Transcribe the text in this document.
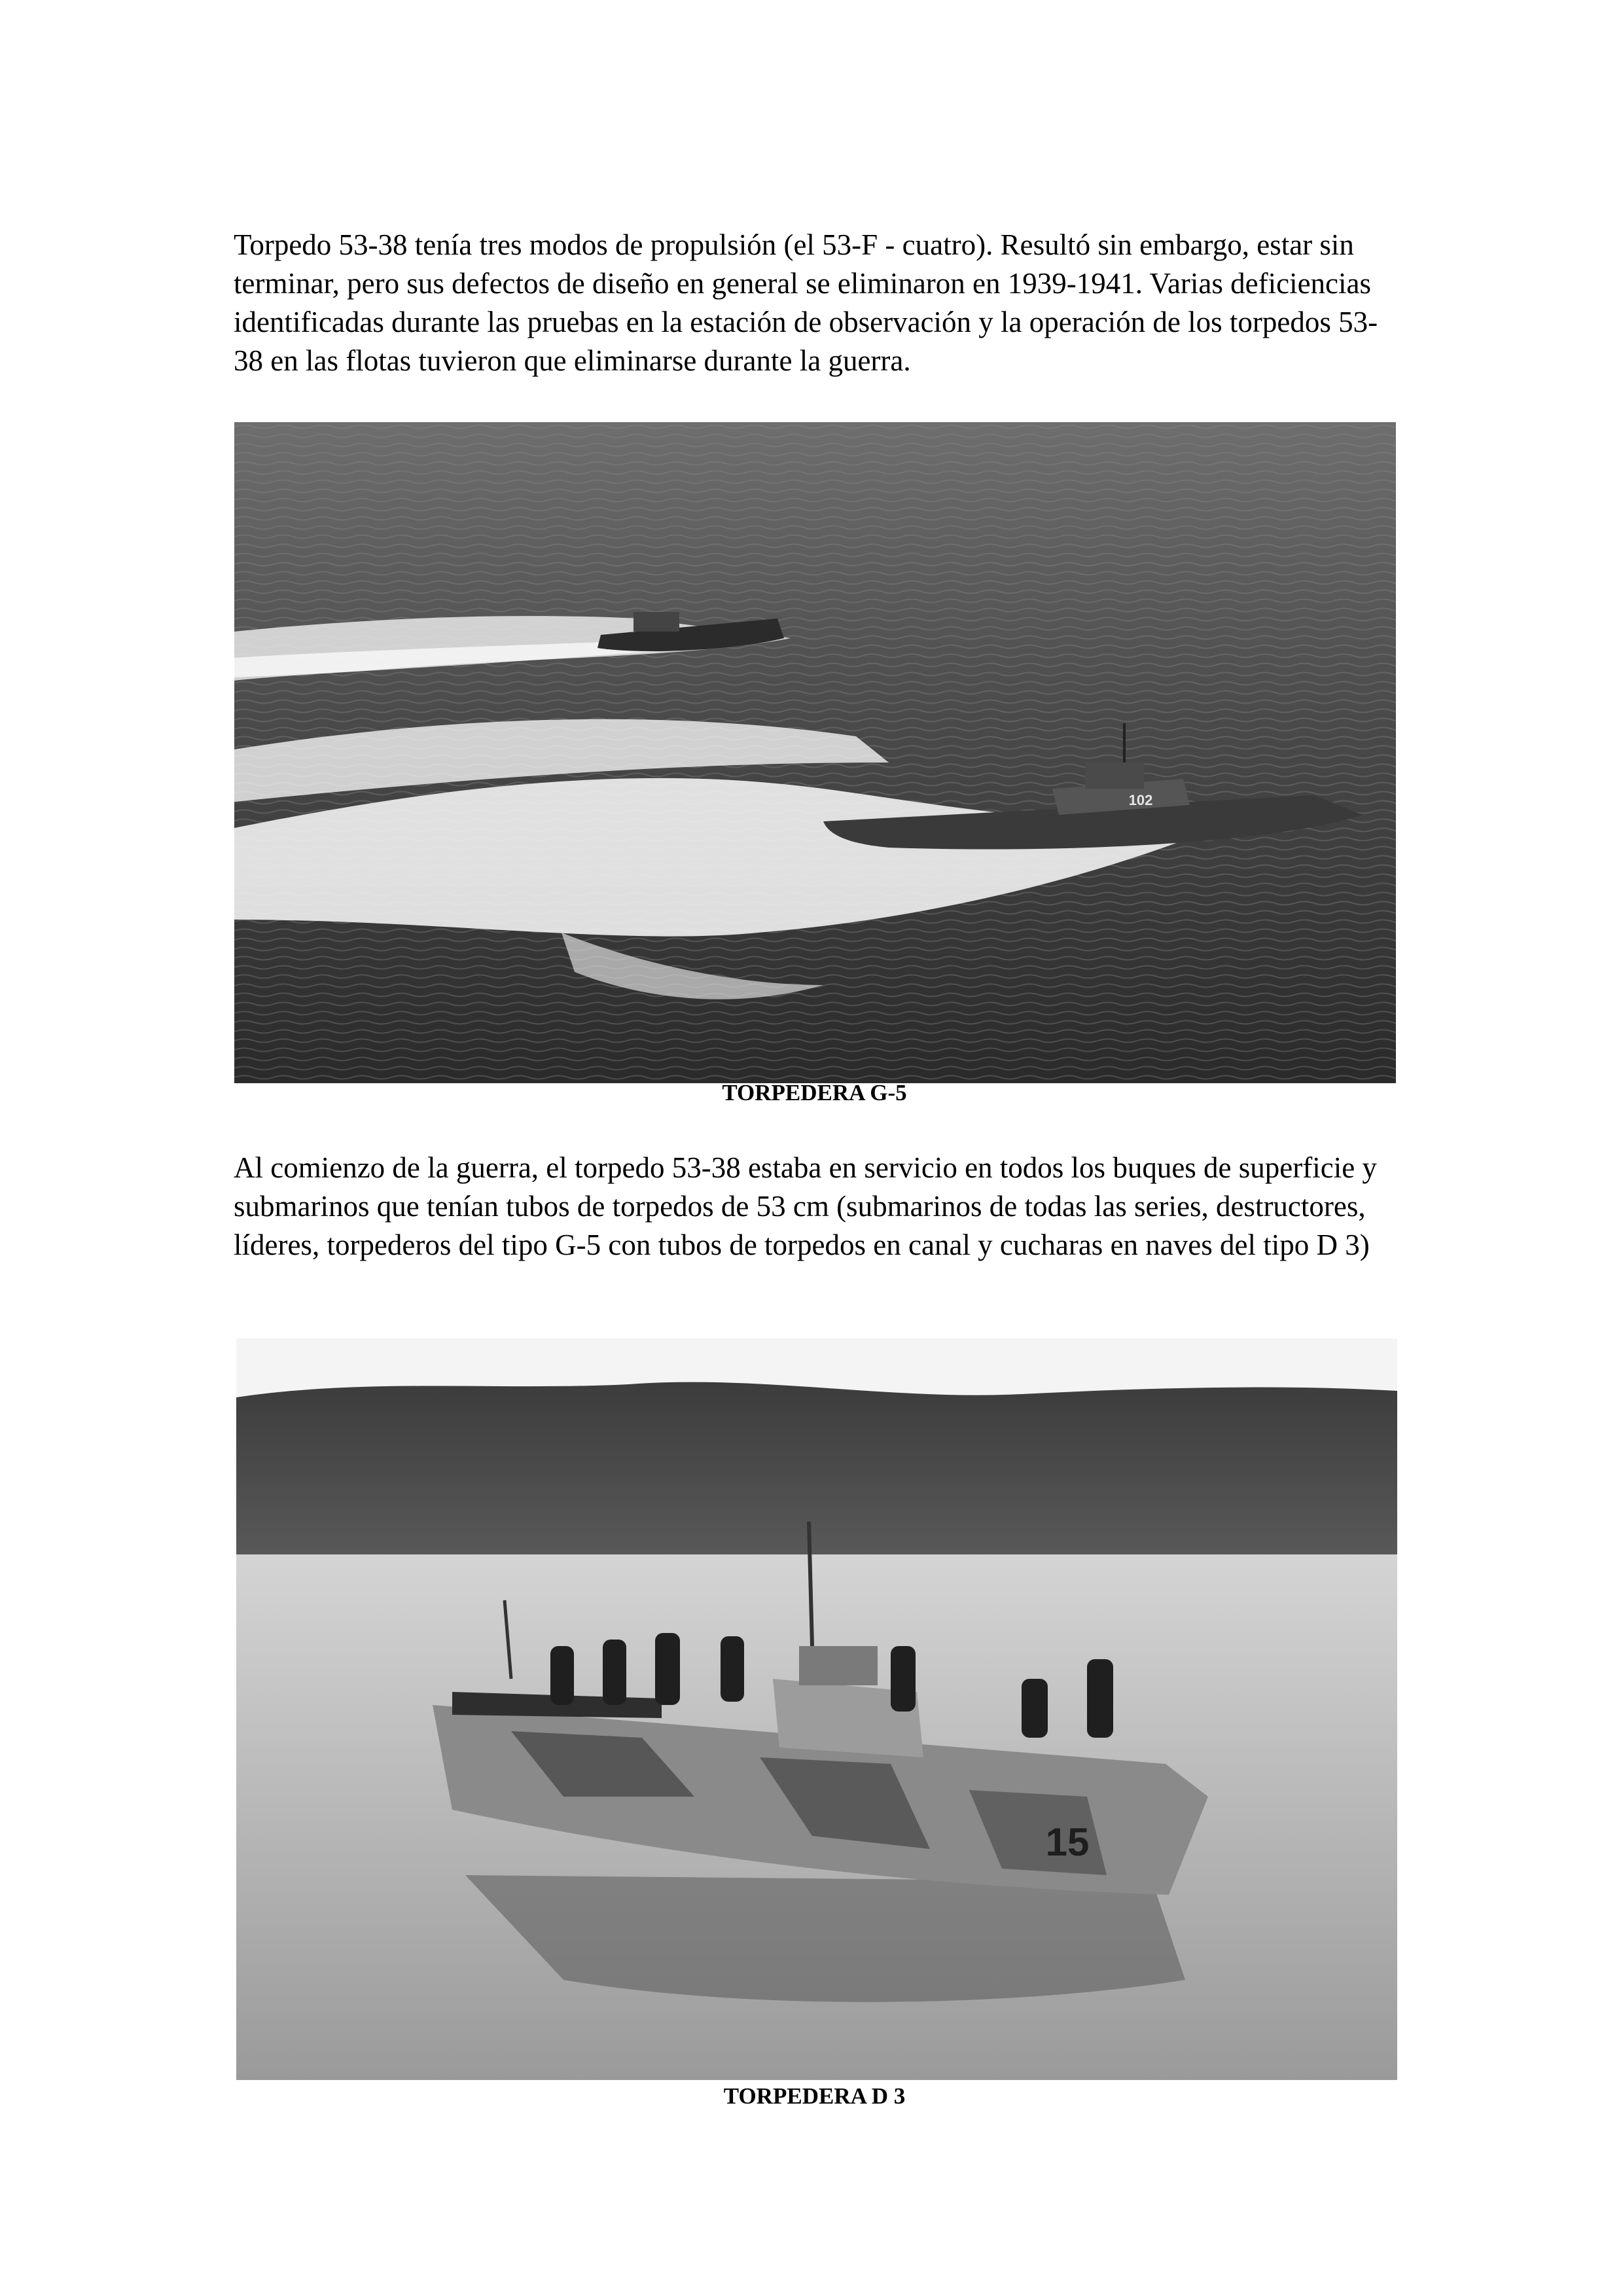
Torpedo 53-38 tenía tres modos de propulsión (el 53-F - cuatro). Resultó sin embargo, estar sin terminar, pero sus defectos de diseño en general se eliminaron en 1939-1941. Varias deficiencias identificadas durante las pruebas en la estación de observación y la operación de los torpedos 53-38 en las flotas tuvieron que eliminarse durante la guerra.

102
TORPEDERA G-5

Al comienzo de la guerra, el torpedo 53-38 estaba en servicio en todos los buques de superficie y submarinos que tenían tubos de torpedos de 53 cm (submarinos de todas las series, destructores, líderes, torpederos del tipo G-5 con tubos de torpedos en canal y cucharas en naves del tipo D 3)

15
TORPEDERA D 3
